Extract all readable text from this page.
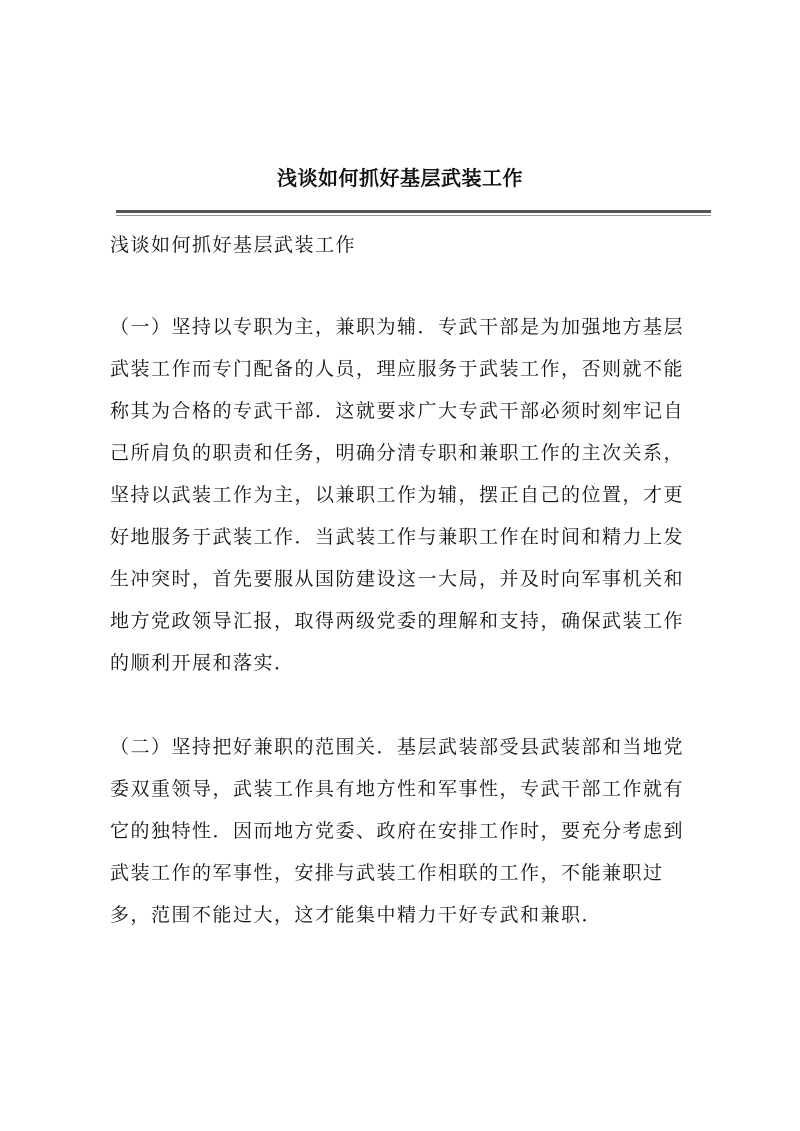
浅谈如何抓好基层武装工作
浅谈如何抓好基层武装工作

（一）坚持以专职为主，兼职为辅．专武干部是为加强地方基层
武装工作而专门配备的人员，理应服务于武装工作，否则就不能
称其为合格的专武干部．这就要求广大专武干部必须时刻牢记自
己所肩负的职责和任务，明确分清专职和兼职工作的主次关系，
坚持以武装工作为主，以兼职工作为辅，摆正自己的位置，才更
好地服务于武装工作．当武装工作与兼职工作在时间和精力上发
生冲突时，首先要服从国防建设这一大局，并及时向军事机关和
地方党政领导汇报，取得两级党委的理解和支持，确保武装工作
的顺利开展和落实．

（二）坚持把好兼职的范围关．基层武装部受县武装部和当地党
委双重领导，武装工作具有地方性和军事性，专武干部工作就有
它的独特性．因而地方党委、政府在安排工作时，要充分考虑到
武装工作的军事性，安排与武装工作相联的工作，不能兼职过
多，范围不能过大，这才能集中精力干好专武和兼职．
